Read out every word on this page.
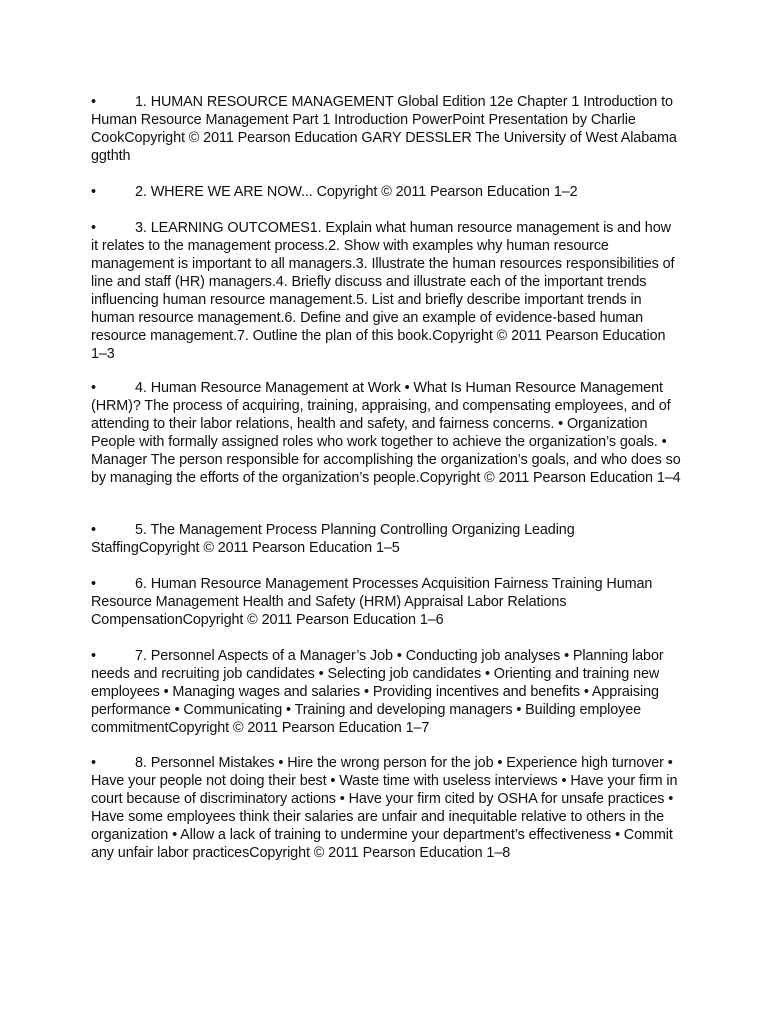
•	1. HUMAN RESOURCE MANAGEMENT Global Edition 12e Chapter 1 Introduction to Human Resource Management Part 1 Introduction PowerPoint Presentation by Charlie CookCopyright © 2011 Pearson Education GARY DESSLER The University of West Alabama
ggthth

•	2. WHERE WE ARE NOW... Copyright © 2011 Pearson Education 1–2

•	3. LEARNING OUTCOMES1. Explain what human resource management is and how it relates to the management process.2. Show with examples why human resource management is important to all managers.3. Illustrate the human resources responsibilities of line and staff (HR) managers.4. Briefly discuss and illustrate each of the important trends influencing human resource management.5. List and briefly describe important trends in human resource management.6. Define and give an example of evidence-based human resource management.7. Outline the plan of this book.Copyright © 2011 Pearson Education 1–3

•	4. Human Resource Management at Work • What Is Human Resource Management (HRM)? The process of acquiring, training, appraising, and compensating employees, and of attending to their labor relations, health and safety, and fairness concerns. • Organization People with formally assigned roles who work together to achieve the organization’s goals. • Manager The person responsible for accomplishing the organization’s goals, and who does so by managing the efforts of the organization’s people.Copyright © 2011 Pearson Education 1–4

•	5. The Management Process Planning Controlling Organizing Leading StaffingCopyright © 2011 Pearson Education 1–5

•	6. Human Resource Management Processes Acquisition Fairness Training Human Resource Management Health and Safety (HRM) Appraisal Labor Relations CompensationCopyright © 2011 Pearson Education 1–6

•	7. Personnel Aspects of a Manager’s Job • Conducting job analyses • Planning labor needs and recruiting job candidates • Selecting job candidates • Orienting and training new employees • Managing wages and salaries • Providing incentives and benefits • Appraising performance • Communicating • Training and developing managers • Building employee commitmentCopyright © 2011 Pearson Education 1–7

•	8. Personnel Mistakes • Hire the wrong person for the job • Experience high turnover • Have your people not doing their best • Waste time with useless interviews • Have your firm in court because of discriminatory actions • Have your firm cited by OSHA for unsafe practices • Have some employees think their salaries are unfair and inequitable relative to others in the organization • Allow a lack of training to undermine your department’s effectiveness • Commit any unfair labor practicesCopyright © 2011 Pearson Education 1–8
